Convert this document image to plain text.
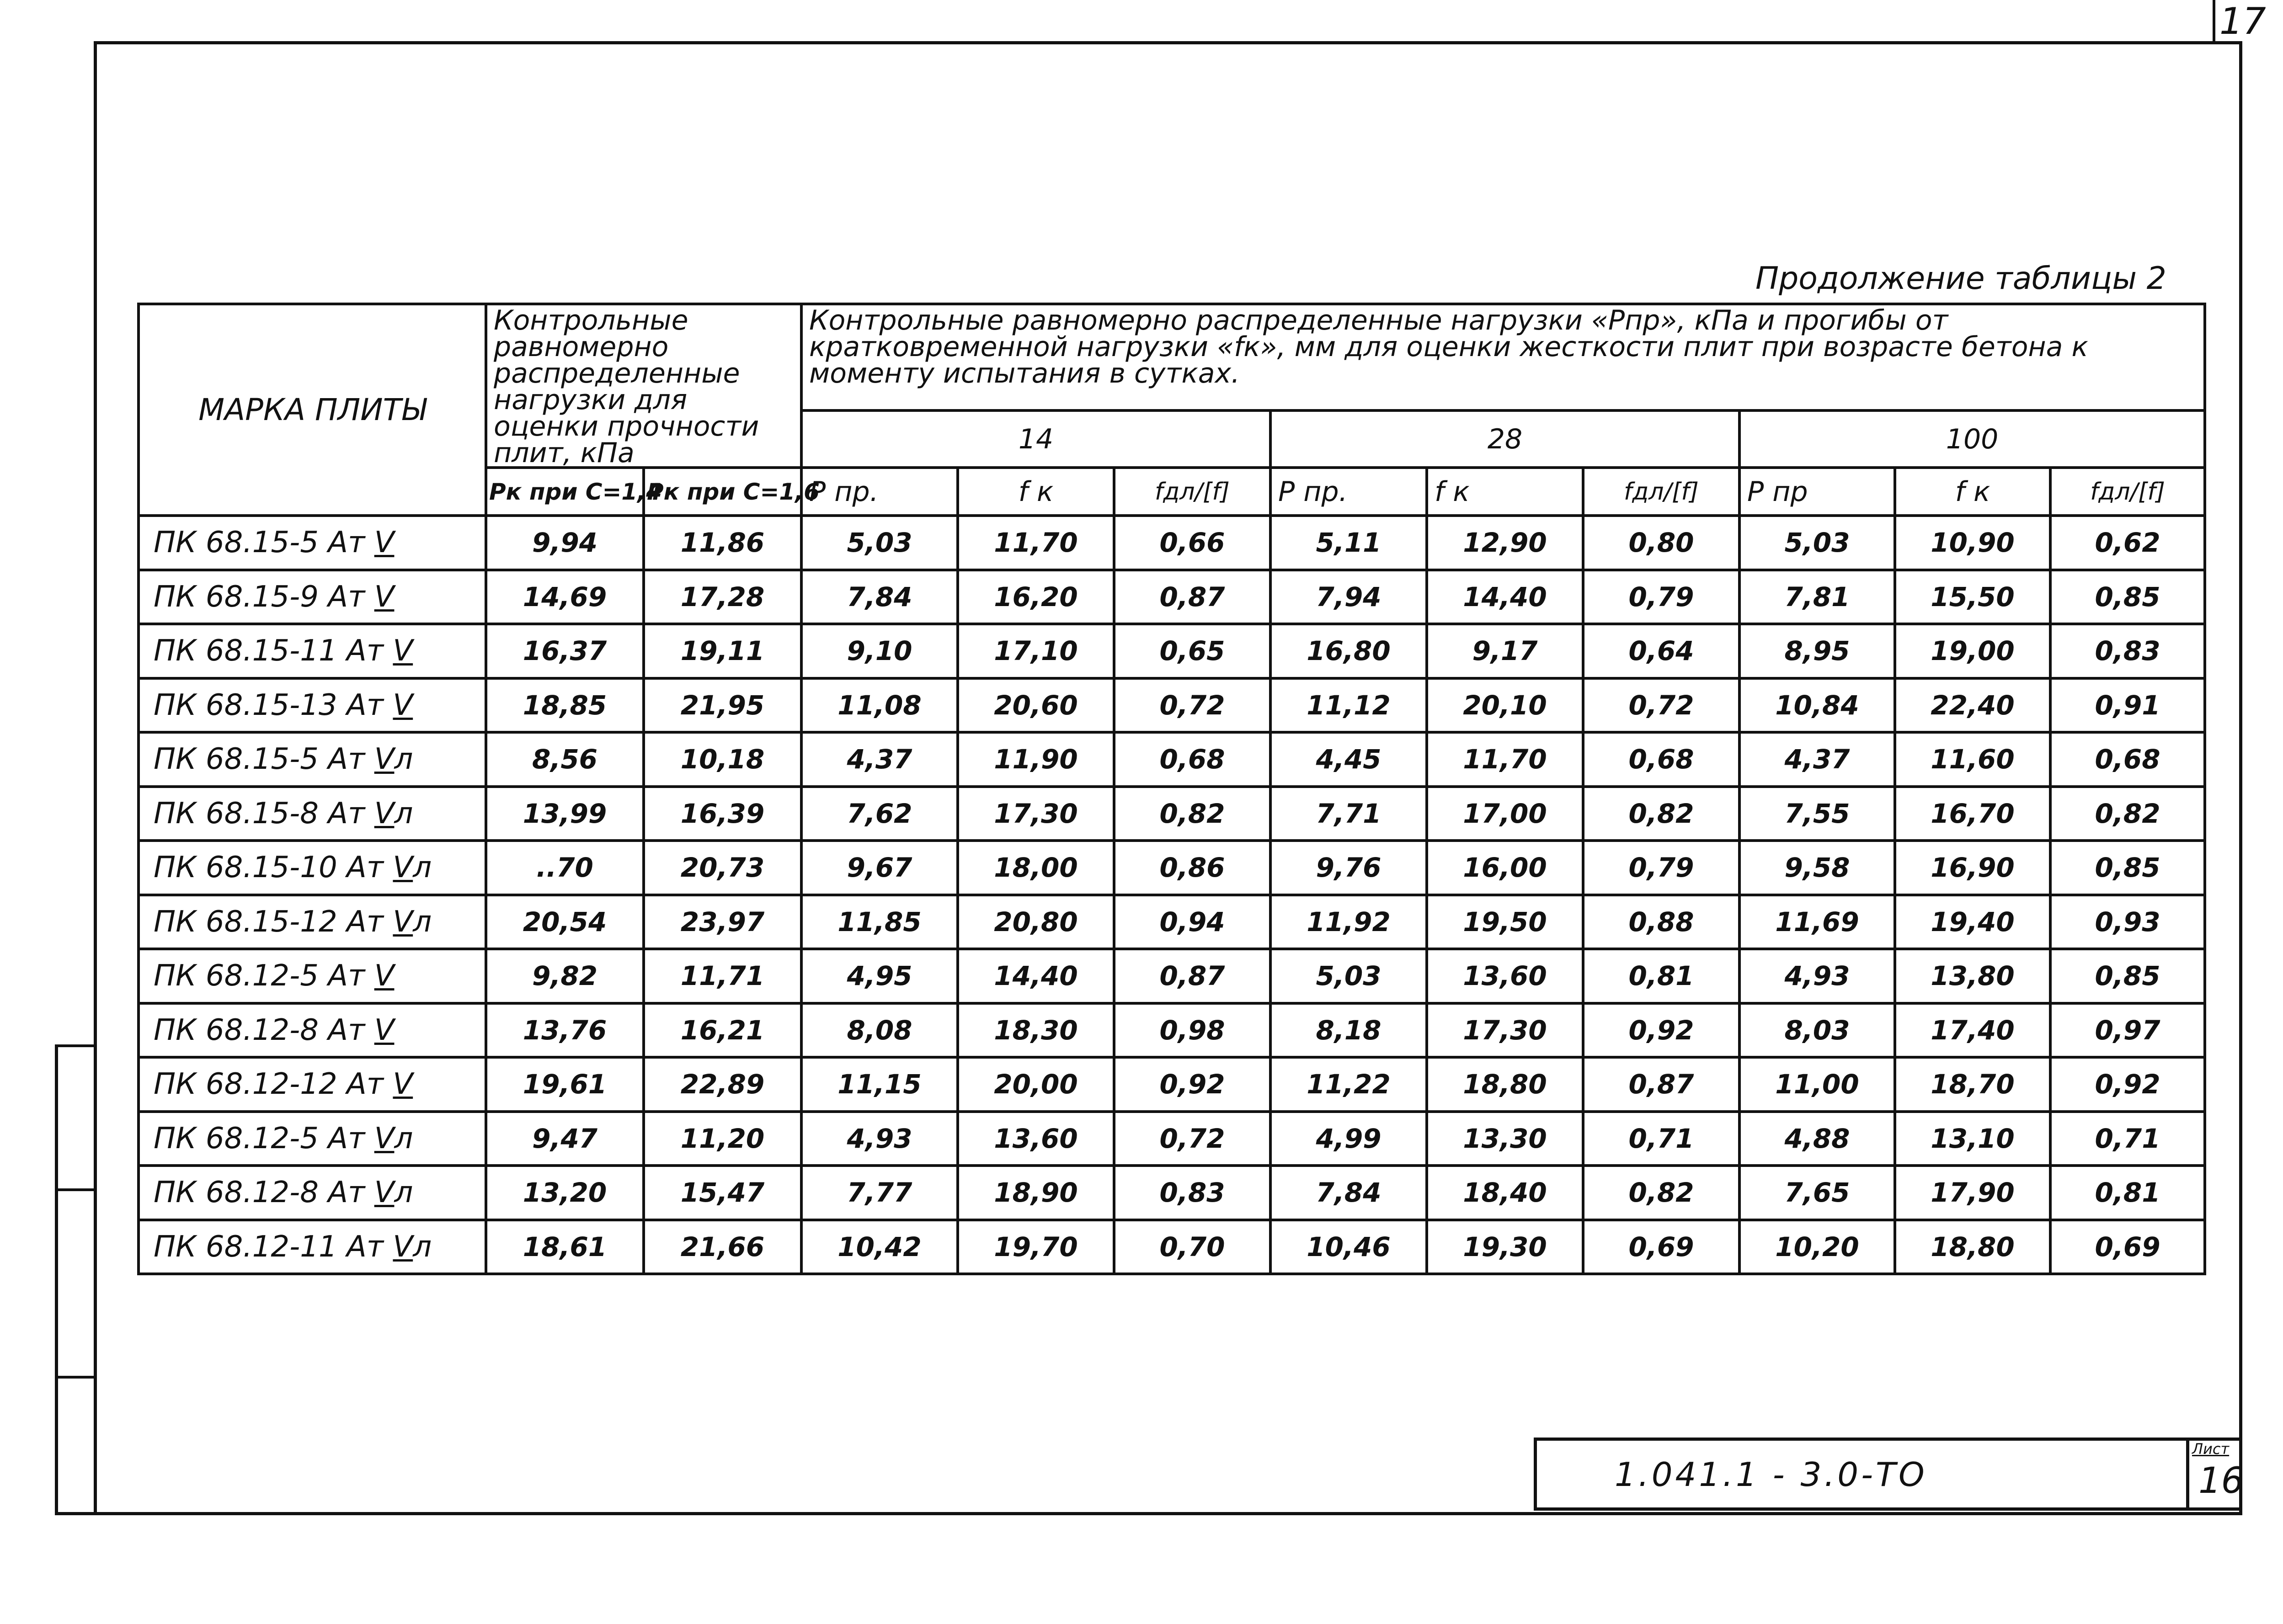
17
Продолжение таблицы 2
МАРКА ПЛИТЫ	Контрольные равномерно распределенные нагрузки для оценки прочности плит, кПа		Контрольные равномерно распределенные нагрузки «Рпр», кПа и прогибы от кратковременной нагрузки «fк», мм для оценки жесткости плит при возрасте бетона к моменту испытания в сутках.								
			14			28			100		
	Рк при С=1,4	Рк при С=1,6	Р пр.	f к	fдл/[f]	Р пр.	f к	fдл/[f]	Р пр	f к	fдл/[f]
ПК 68.15-5 Ат V	9,94	11,86	5,03	11,70	0,66	5,11	12,90	0,80	5,03	10,90	0,62
ПК 68.15-9 Ат V	14,69	17,28	7,84	16,20	0,87	7,94	14,40	0,79	7,81	15,50	0,85
ПК 68.15-11 Ат V	16,37	19,11	9,10	17,10	0,65	16,80	9,17	0,64	8,95	19,00	0,83
ПК 68.15-13 Ат V	18,85	21,95	11,08	20,60	0,72	11,12	20,10	0,72	10,84	22,40	0,91
ПК 68.15-5 Ат Vл	8,56	10,18	4,37	11,90	0,68	4,45	11,70	0,68	4,37	11,60	0,68
ПК 68.15-8 Ат Vл	13,99	16,39	7,62	17,30	0,82	7,71	17,00	0,82	7,55	16,70	0,82
ПК 68.15-10 Ат Vл	..70	20,73	9,67	18,00	0,86	9,76	16,00	0,79	9,58	16,90	0,85
ПК 68.15-12 Ат Vл	20,54	23,97	11,85	20,80	0,94	11,92	19,50	0,88	11,69	19,40	0,93
ПК 68.12-5 Ат V	9,82	11,71	4,95	14,40	0,87	5,03	13,60	0,81	4,93	13,80	0,85
ПК 68.12-8 Ат V	13,76	16,21	8,08	18,30	0,98	8,18	17,30	0,92	8,03	17,40	0,97
ПК 68.12-12 Ат V	19,61	22,89	11,15	20,00	0,92	11,22	18,80	0,87	11,00	18,70	0,92
ПК 68.12-5 Ат Vл	9,47	11,20	4,93	13,60	0,72	4,99	13,30	0,71	4,88	13,10	0,71
ПК 68.12-8 Ат Vл	13,20	15,47	7,77	18,90	0,83	7,84	18,40	0,82	7,65	17,90	0,81
ПК 68.12-11 Ат Vл	18,61	21,66	10,42	19,70	0,70	10,46	19,30	0,69	10,20	18,80	0,69
1.041.1 - 3.0-ТО
Лист
16
